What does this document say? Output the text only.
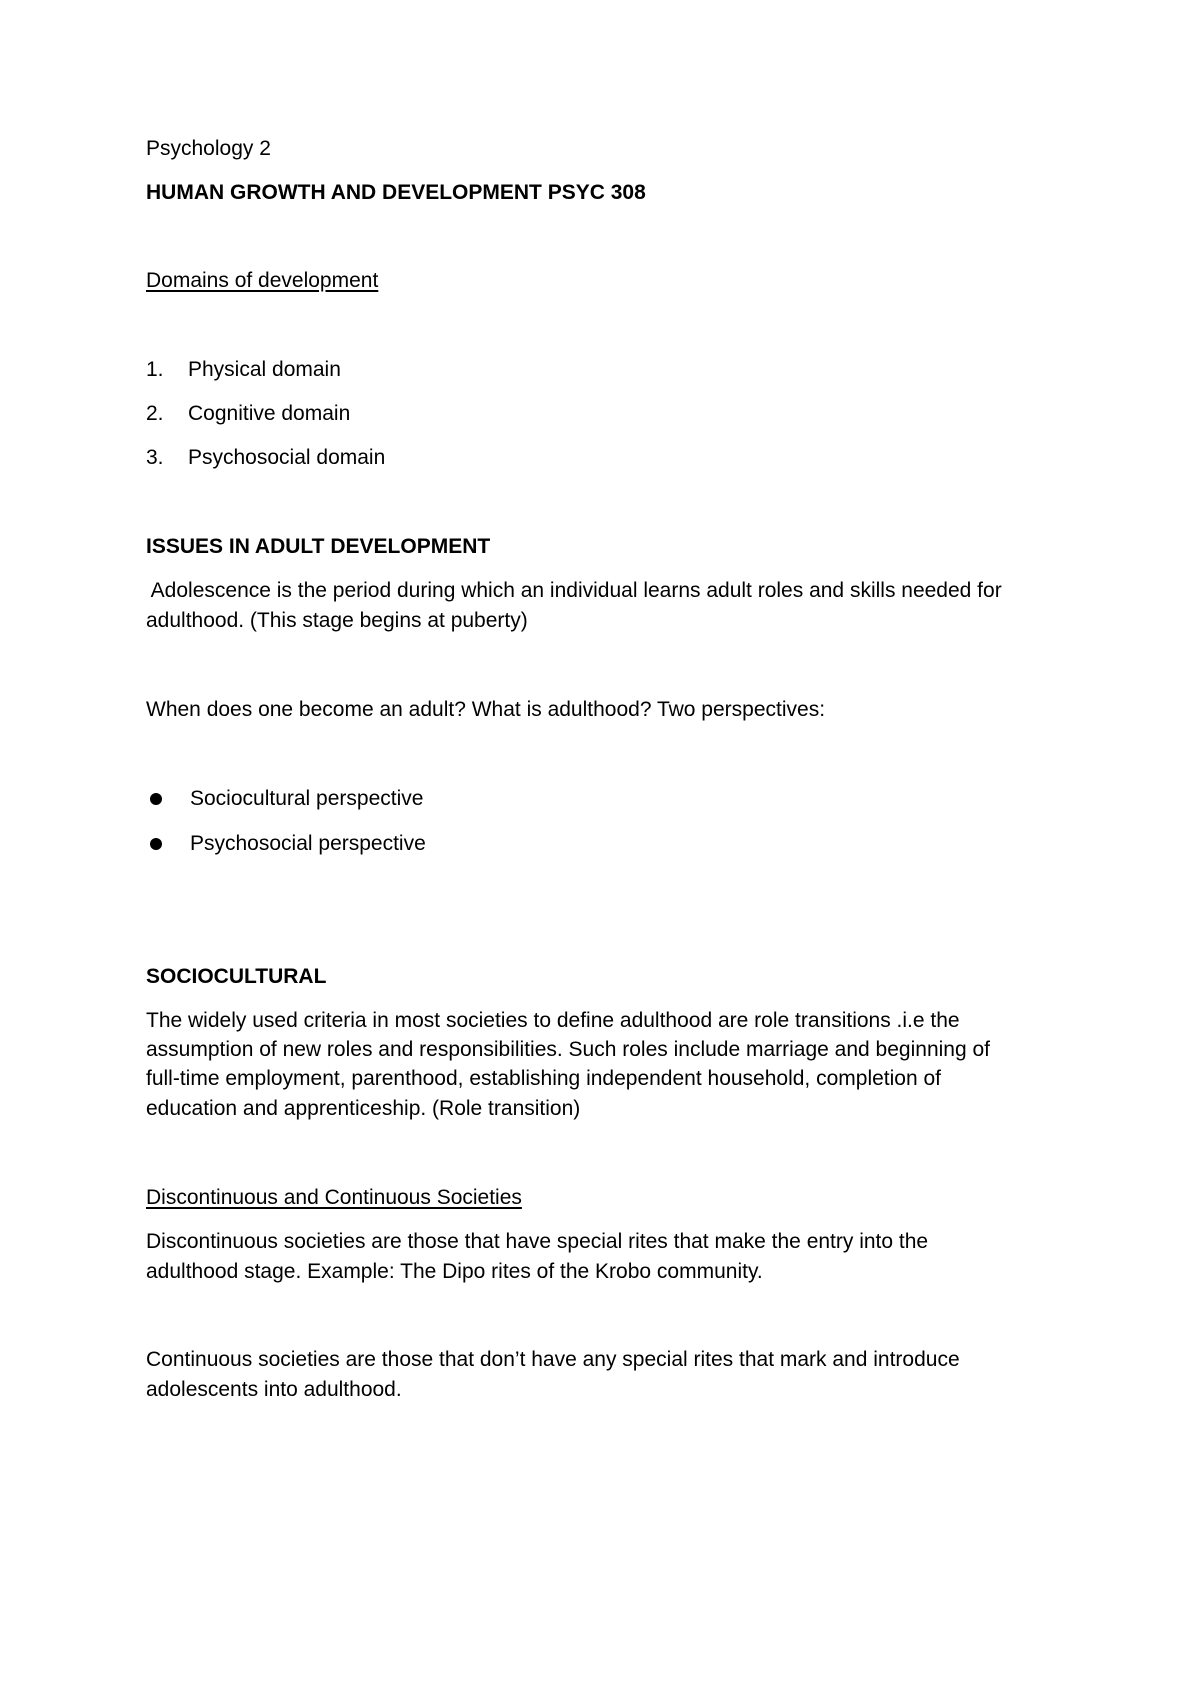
Psychology 2
HUMAN GROWTH AND DEVELOPMENT PSYC 308
Domains of development
1.	Physical domain
2.	Cognitive domain
3.	Psychosocial domain
ISSUES IN ADULT DEVELOPMENT
Adolescence is the period during which an individual learns adult roles and skills needed for
adulthood. (This stage begins at puberty)
When does one become an adult? What is adulthood? Two perspectives:
Sociocultural perspective
Psychosocial perspective
SOCIOCULTURAL
The widely used criteria in most societies to define adulthood are role transitions .i.e the
assumption of new roles and responsibilities. Such roles include marriage and beginning of
full-time employment, parenthood, establishing independent household, completion of
education and apprenticeship. (Role transition)
Discontinuous and Continuous Societies
Discontinuous societies are those that have special rites that make the entry into the
adulthood stage. Example: The Dipo rites of the Krobo community.
Continuous societies are those that don’t have any special rites that mark and introduce
adolescents into adulthood.
